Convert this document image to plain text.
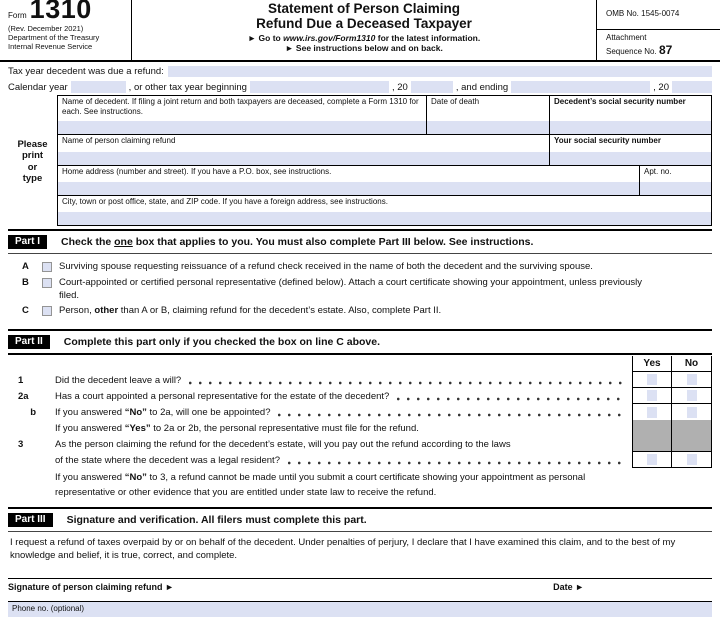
Form 1310
(Rev. December 2021)
Department of the Treasury
Internal Revenue Service
Statement of Person Claiming
Refund Due a Deceased Taxpayer
► Go to www.irs.gov/Form1310 for the latest information.
► See instructions below and on back.
OMB No. 1545-0074
Attachment
Sequence No. 87
Tax year decedent was due a refund:
Calendar year	, or other tax year beginning	, 20	, and ending	, 20
Please
print
or
type
Name of decedent. If filing a joint return and both taxpayers are deceased, complete a Form 1310 for each. See instructions.
Date of death	Decedent’s social security number
Name of person claiming refund	Your social security number
Home address (number and street). If you have a P.O. box, see instructions.	Apt. no.
City, town or post office, state, and ZIP code. If you have a foreign address, see instructions.
Part I	Check the one box that applies to you. You must also complete Part III below. See instructions.
A	Surviving spouse requesting reissuance of a refund check received in the name of both the decedent and the surviving spouse.
B	Court-appointed or certified personal representative (defined below). Attach a court certificate showing your appointment, unless previously filed.
C	Person, other than A or B, claiming refund for the decedent’s estate. Also, complete Part II.
Part II	Complete this part only if you checked the box on line C above.
Yes	No
1	Did the decedent leave a will?
2a	Has a court appointed a personal representative for the estate of the decedent?
b If you answered “No” to 2a, will one be appointed?
If you answered “Yes” to 2a or 2b, the personal representative must file for the refund.
3	As the person claiming the refund for the decedent’s estate, will you pay out the refund according to the laws
of the state where the decedent was a legal resident?
If you answered “No” to 3, a refund cannot be made until you submit a court certificate showing your appointment as personal representative or other evidence that you are entitled under state law to receive the refund.
Part III	Signature and verification. All filers must complete this part.
I request a refund of taxes overpaid by or on behalf of the decedent. Under penalties of perjury, I declare that I have examined this claim, and to the best of my knowledge and belief, it is true, correct, and complete.
Signature of person claiming refund ►	Date ►
Phone no. (optional)
